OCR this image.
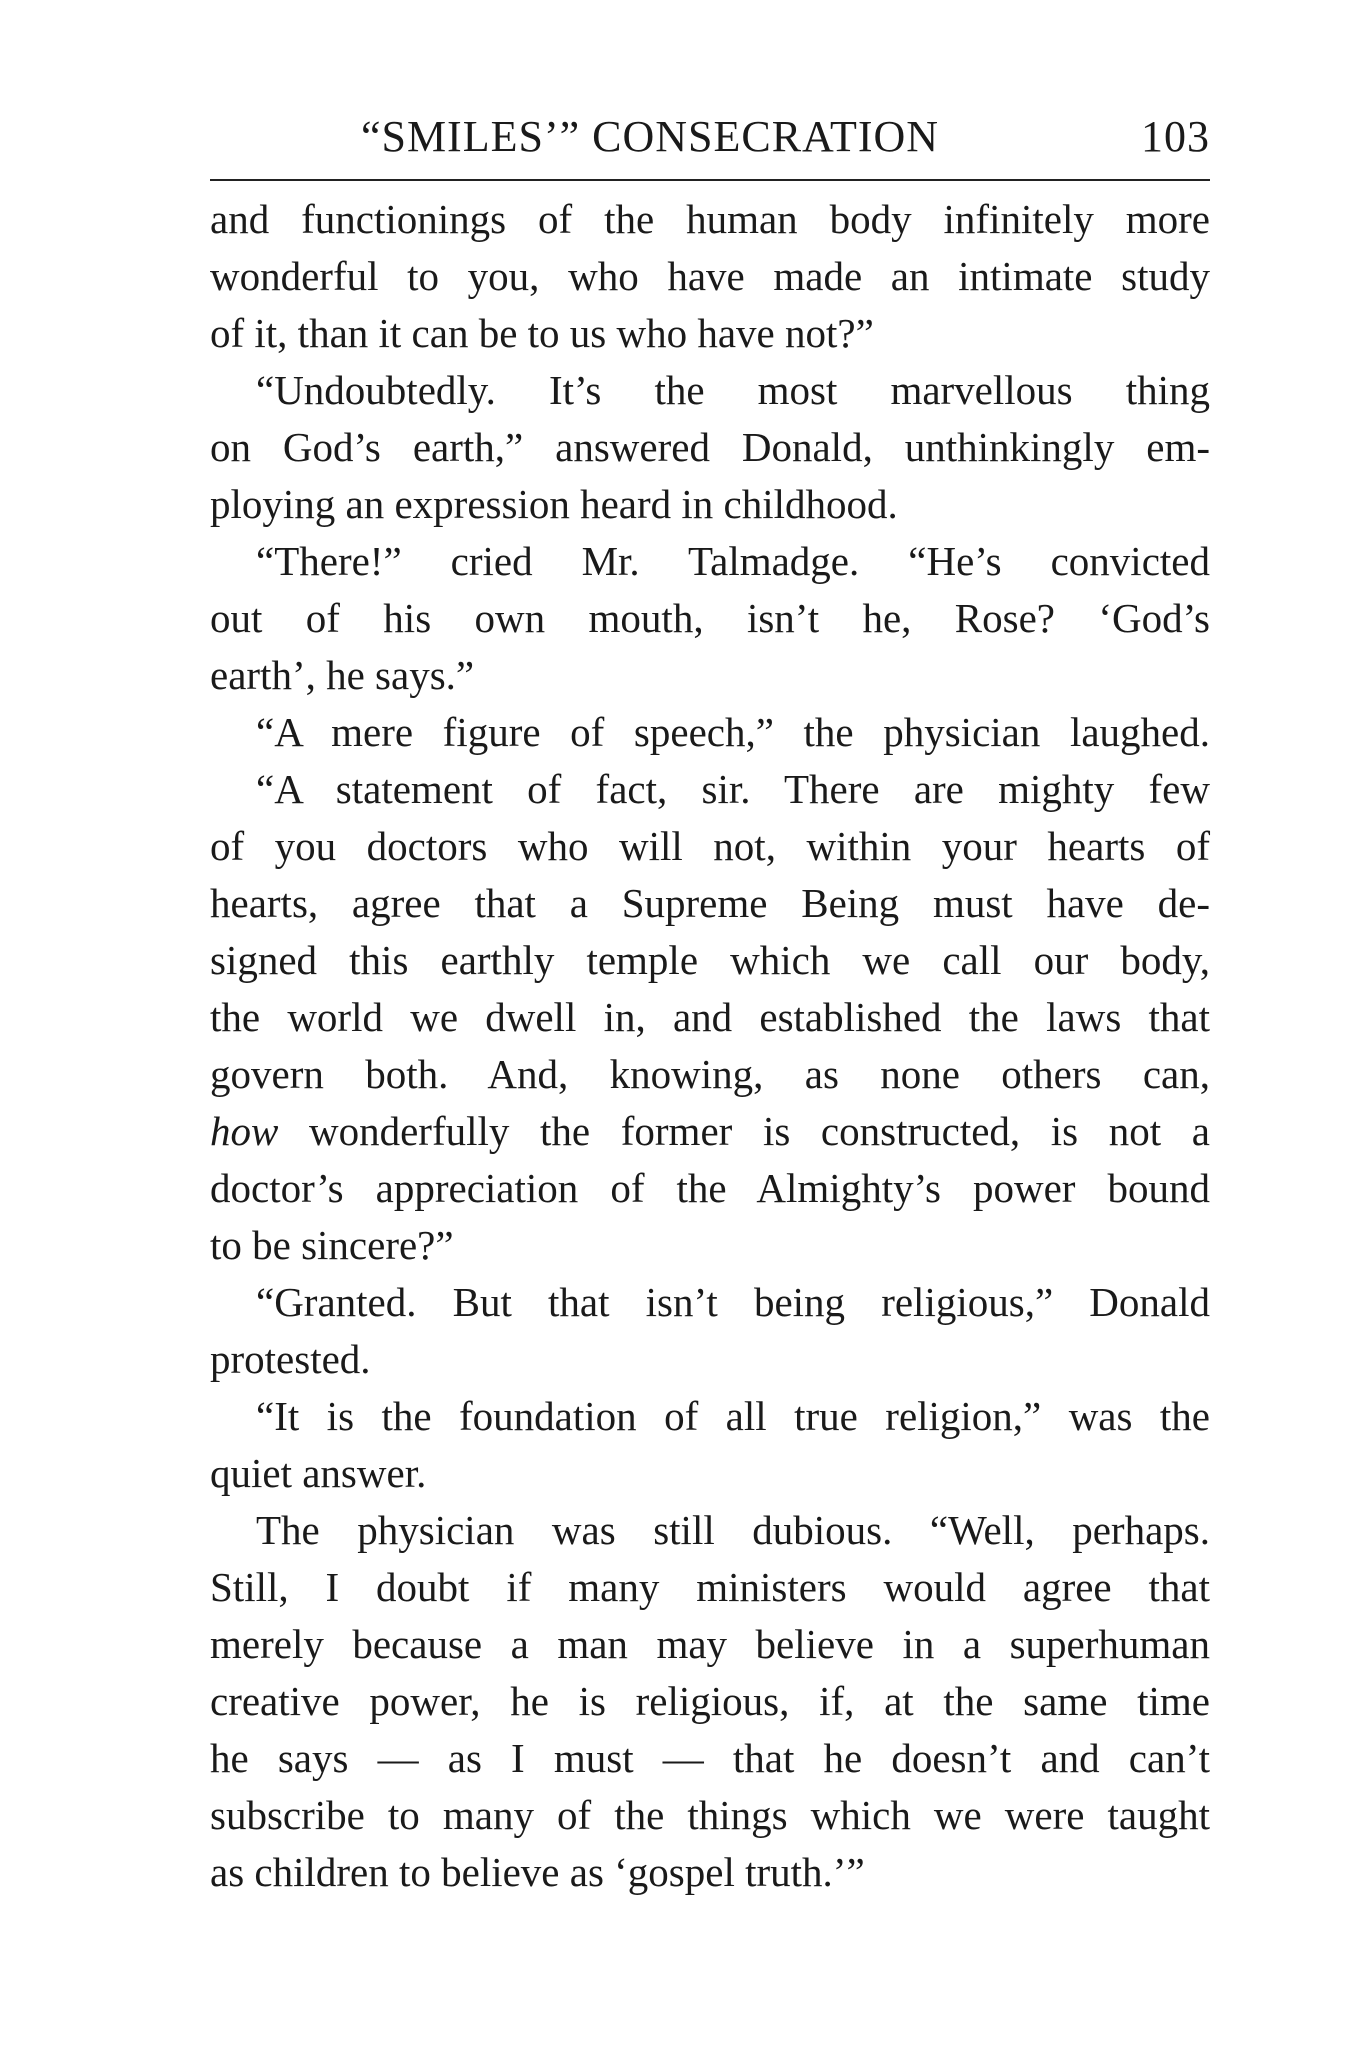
“SMILES’” CONSECRATION	103

and functionings of the human body infinitely more
wonderful to you, who have made an intimate study
of it, than it can be to us who have not?”

“Undoubtedly. It’s the most marvellous thing
on God’s earth,” answered Donald, unthinkingly em-
ploying an expression heard in childhood.

“There!” cried Mr. Talmadge. “He’s convicted
out of his own mouth, isn’t he, Rose? ‘God’s
earth’, he says.”

“A mere figure of speech,” the physician laughed.

“A statement of fact, sir. There are mighty few
of you doctors who will not, within your hearts of
hearts, agree that a Supreme Being must have de-
signed this earthly temple which we call our body,
the world we dwell in, and established the laws that
govern both. And, knowing, as none others can,
how wonderfully the former is constructed, is not a
doctor’s appreciation of the Almighty’s power bound
to be sincere?”

“Granted. But that isn’t being religious,” Donald
protested.

“It is the foundation of all true religion,” was the
quiet answer.

The physician was still dubious. “Well, perhaps.
Still, I doubt if many ministers would agree that
merely because a man may believe in a superhuman
creative power, he is religious, if, at the same time
he says — as I must — that he doesn’t and can’t
subscribe to many of the things which we were taught
as children to believe as ‘gospel truth.’”
